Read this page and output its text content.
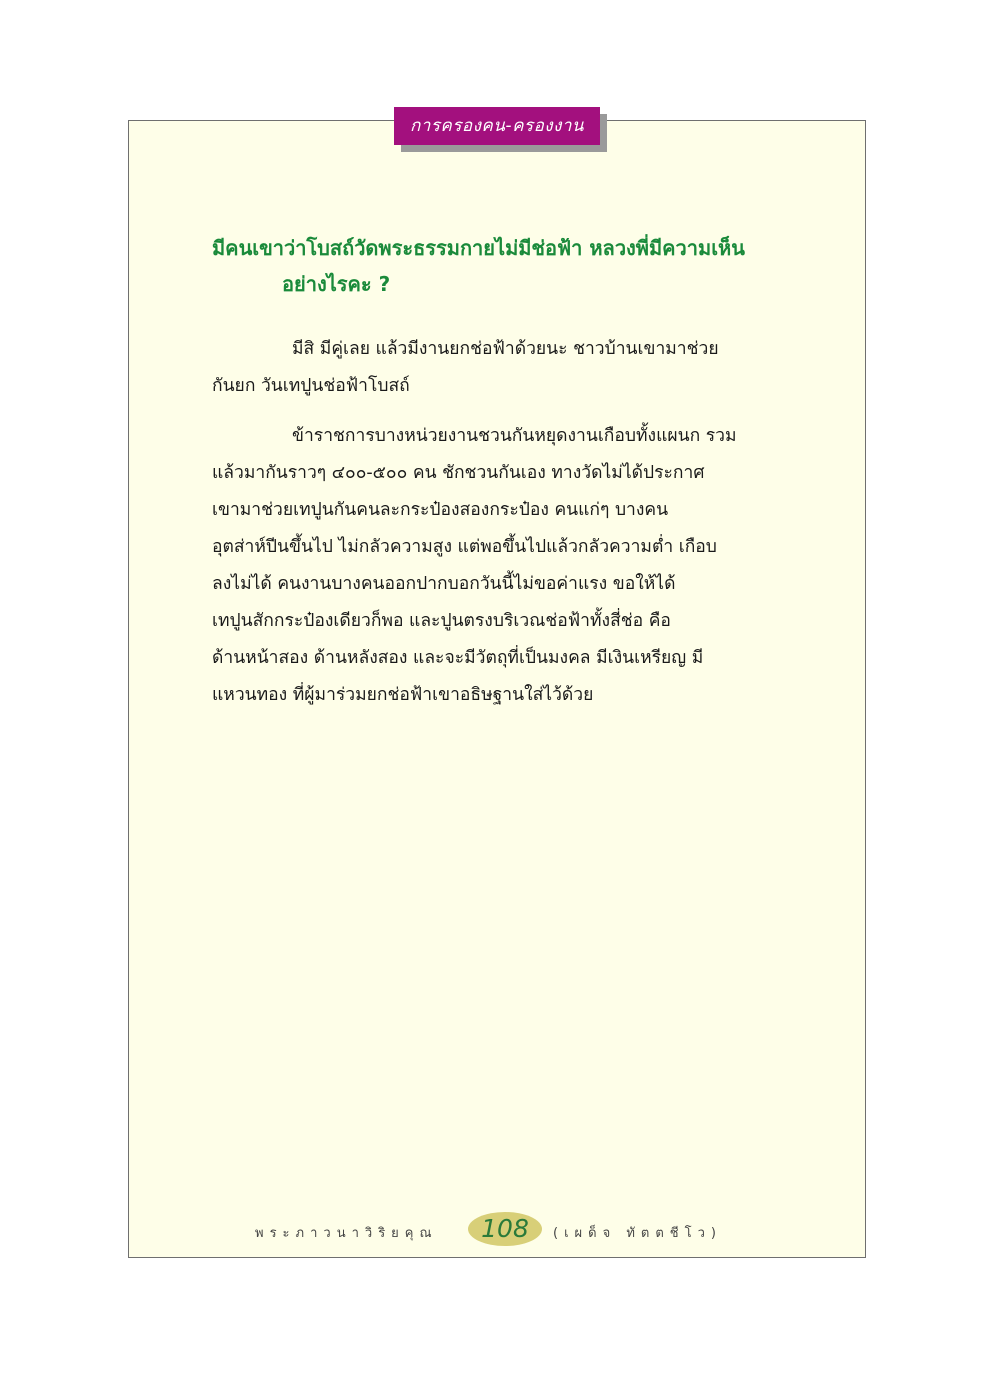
การครองคน-ครองงาน
มีคนเขาว่าโบสถ์วัดพระธรรมกายไม่มีช่อฟ้า หลวงพี่มีความเห็น
อย่างไรคะ ?
มีสิ มีคู่เลย แล้วมีงานยกช่อฟ้าด้วยนะ ชาวบ้านเขามาช่วย
กันยก วันเทปูนช่อฟ้าโบสถ์
ข้าราชการบางหน่วยงานชวนกันหยุดงานเกือบทั้งแผนก รวม
แล้วมากันราวๆ ๔๐๐-๕๐๐ คน ชักชวนกันเอง ทางวัดไม่ได้ประกาศ
เขามาช่วยเทปูนกันคนละกระป๋องสองกระป๋อง คนแก่ๆ บางคน
อุตส่าห์ปีนขึ้นไป ไม่กลัวความสูง แต่พอขึ้นไปแล้วกลัวความต่ำ เกือบ
ลงไม่ได้ คนงานบางคนออกปากบอกวันนี้ไม่ขอค่าแรง ขอให้ได้
เทปูนสักกระป๋องเดียวก็พอ และปูนตรงบริเวณช่อฟ้าทั้งสี่ช่อ คือ
ด้านหน้าสอง ด้านหลังสอง และจะมีวัตถุที่เป็นมงคล มีเงินเหรียญ มี
แหวนทอง ที่ผู้มาร่วมยกช่อฟ้าเขาอธิษฐานใส่ไว้ด้วย
พระภาวนาวิริยคุณ	108	(เผด็จ ทัตตชีโว)
